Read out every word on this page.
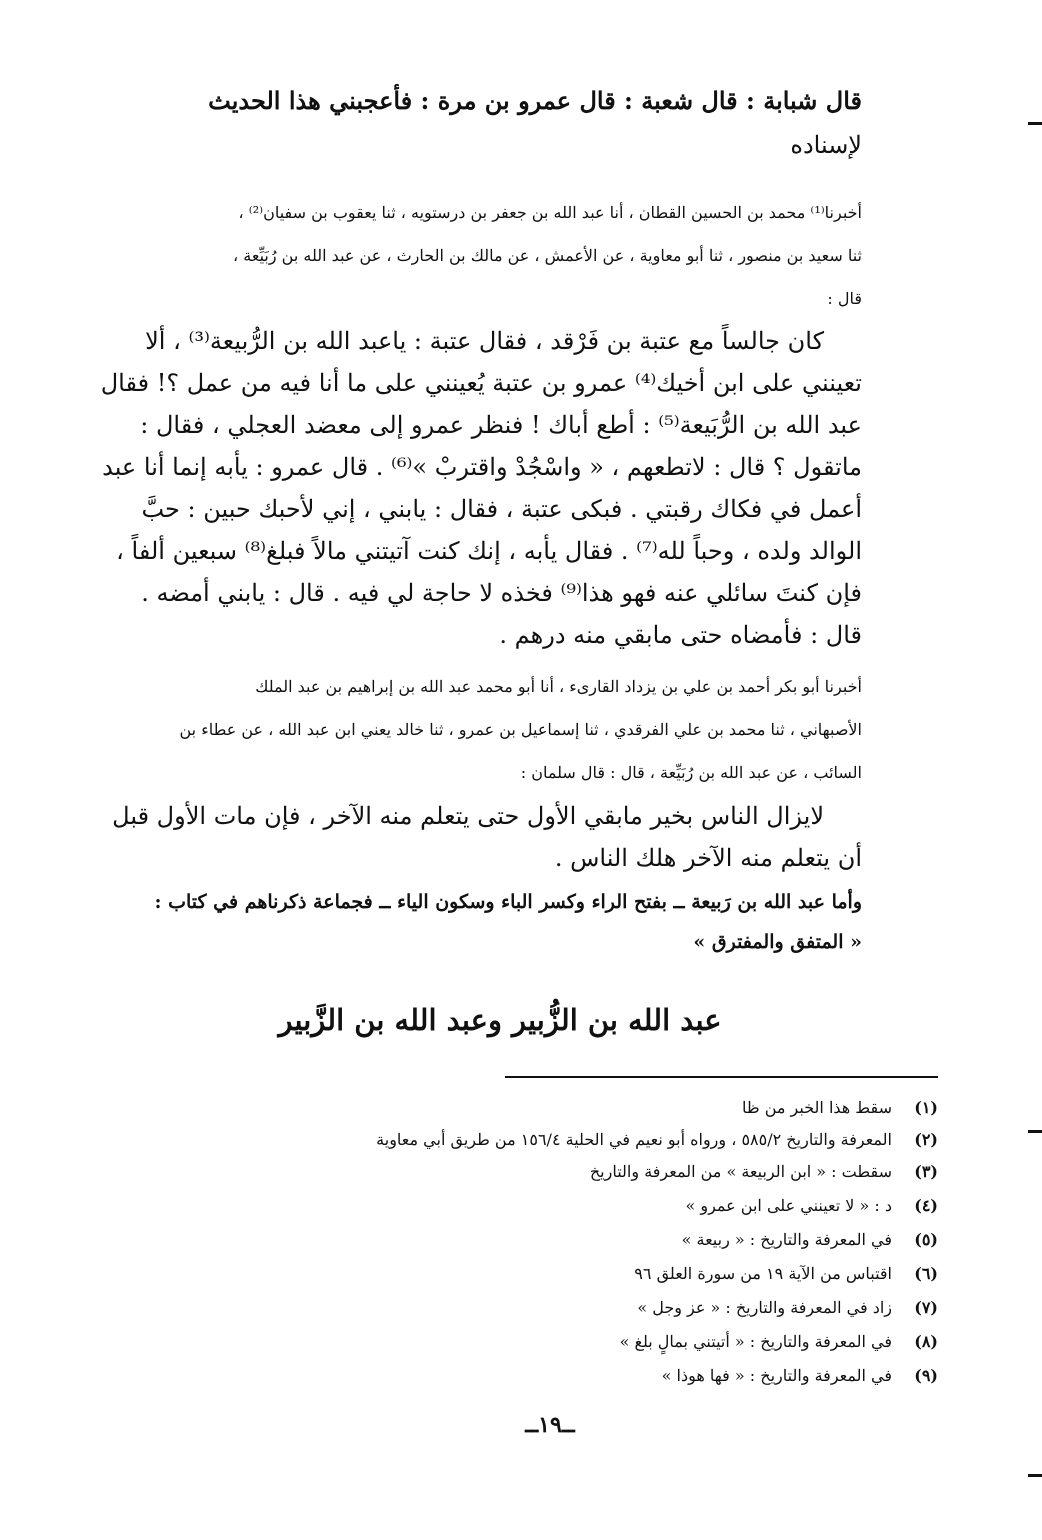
قال شبابة : قال شعبة : قال عمرو بن مرة : فأعجبني هذا الحديث
لإسناده
أخبرنا⁽¹⁾ محمد بن الحسين القطان ، أنا عبد الله بن جعفر بن درستويه ، ثنا يعقوب بن سفيان⁽²⁾ ،
ثنا سعيد بن منصور ، ثنا أبو معاوية ، عن الأعمش ، عن مالك بن الحارث ، عن عبد الله بن رُبَيِّعة ،
قال :
كان جالساً مع عتبة بن فَرْقد ، فقال عتبة : ياعبد الله بن الرُّبيعة⁽³⁾ ، ألا
تعينني على ابن أخيك⁽⁴⁾ عمرو بن عتبة يُعينني على ما أنا فيه من عمل ؟! فقال
عبد الله بن الرُّبَيعة⁽⁵⁾ : أطع أباك ! فنظر عمرو إلى معضد العجلي ، فقال :
ماتقول ؟ قال : لاتطعهم ، « واسْجُدْ واقتربْ »⁽⁶⁾ . قال عمرو : يأبه إنما أنا عبد
أعمل في فكاك رقبتي . فبكى عتبة ، فقال : يابني ، إني لأحبك حبين : حبَّ
الوالد ولده ، وحباً لله⁽⁷⁾ . فقال يأبه ، إنك كنت آتيتني مالاً فبلغ⁽⁸⁾ سبعين ألفاً ،
فإن كنتَ سائلي عنه فهو هذا⁽⁹⁾ فخذه لا حاجة لي فيه . قال : يابني أمضه .
قال : فأمضاه حتى مابقي منه درهم .
أخبرنا أبو بكر أحمد بن علي بن يزداد القارىء ، أنا أبو محمد عبد الله بن إبراهيم بن عبد الملك
الأصبهاني ، ثنا محمد بن علي الفرقدي ، ثنا إسماعيل بن عمرو ، ثنا خالد يعني ابن عبد الله ، عن عطاء بن
السائب ، عن عبد الله بن رُبَيِّعة ، قال : قال سلمان :
لايزال الناس بخير مابقي الأول حتى يتعلم منه الآخر ، فإن مات الأول قبل
أن يتعلم منه الآخر هلك الناس .
وأما عبد الله بن رَبيعة ــ بفتح الراء وكسر الباء وسكون الياء ــ فجماعة ذكرناهم في كتاب :
« المتفق والمفترق »
عبد الله بن الزُّبير وعبد الله بن الزَّبير
(١)سقط هذا الخبر من ظا
(٢)المعرفة والتاريخ ٥٨٥/٢ ، ورواه أبو نعيم في الحلية ١٥٦/٤ من طريق أبي معاوية
(٣)سقطت : « ابن الربيعة » من المعرفة والتاريخ
(٤)د : « لا تعينني على ابن عمرو »
(٥)في المعرفة والتاريخ : « ربيعة »
(٦)اقتباس من الآية ١٩ من سورة العلق ٩٦
(٧)زاد في المعرفة والتاريخ : « عز وجل »
(٨)في المعرفة والتاريخ : « أتيتني بمالٍ بلغ »
(٩)في المعرفة والتاريخ : « فها هوذا »
ــ١٩ــ
